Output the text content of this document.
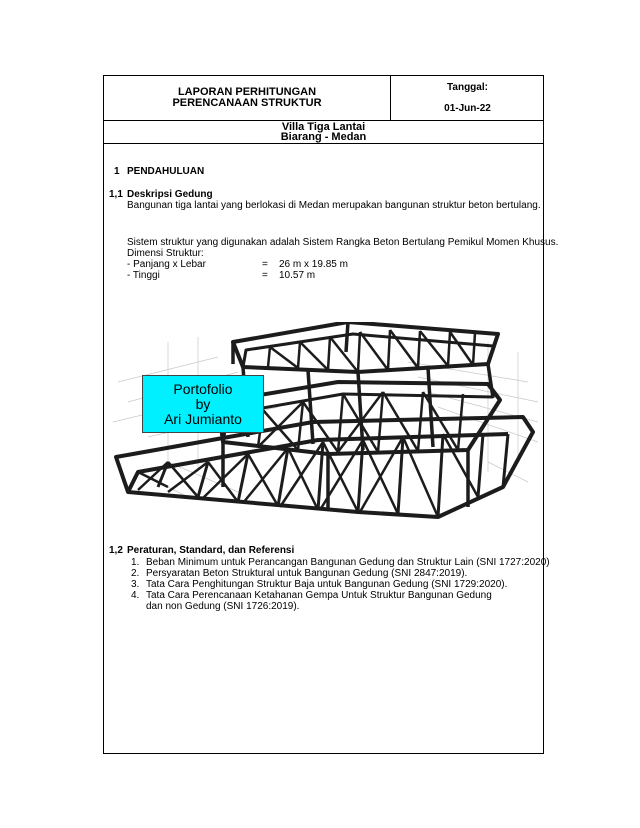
LAPORAN PERHITUNGAN
PERENCANAAN STRUKTUR
Tanggal:
01-Jun-22
Villa Tiga Lantai
Biarang - Medan
1 PENDAHULUAN
1,1 Deskripsi Gedung
Bangunan tiga lantai yang berlokasi di Medan merupakan bangunan struktur beton bertulang.
Sistem struktur yang digunakan adalah Sistem Rangka Beton Bertulang Pemikul Momen Khusus.
Dimensi Struktur:
- Panjang x Lebar	= 26 m x 19.85 m
- Tinggi	= 10.57 m
Portofolio
by
Ari Jumianto
1,2 Peraturan, Standard, dan Referensi
1. Beban Minimum untuk Perancangan Bangunan Gedung dan Struktur Lain (SNI 1727:2020)
2. Persyaratan Beton Struktural untuk Bangunan Gedung (SNI 2847:2019).
3. Tata Cara Penghitungan Struktur Baja untuk Bangunan Gedung (SNI 1729:2020).
4. Tata Cara Perencanaan Ketahanan Gempa Untuk Struktur Bangunan Gedung
dan non Gedung (SNI 1726:2019).
